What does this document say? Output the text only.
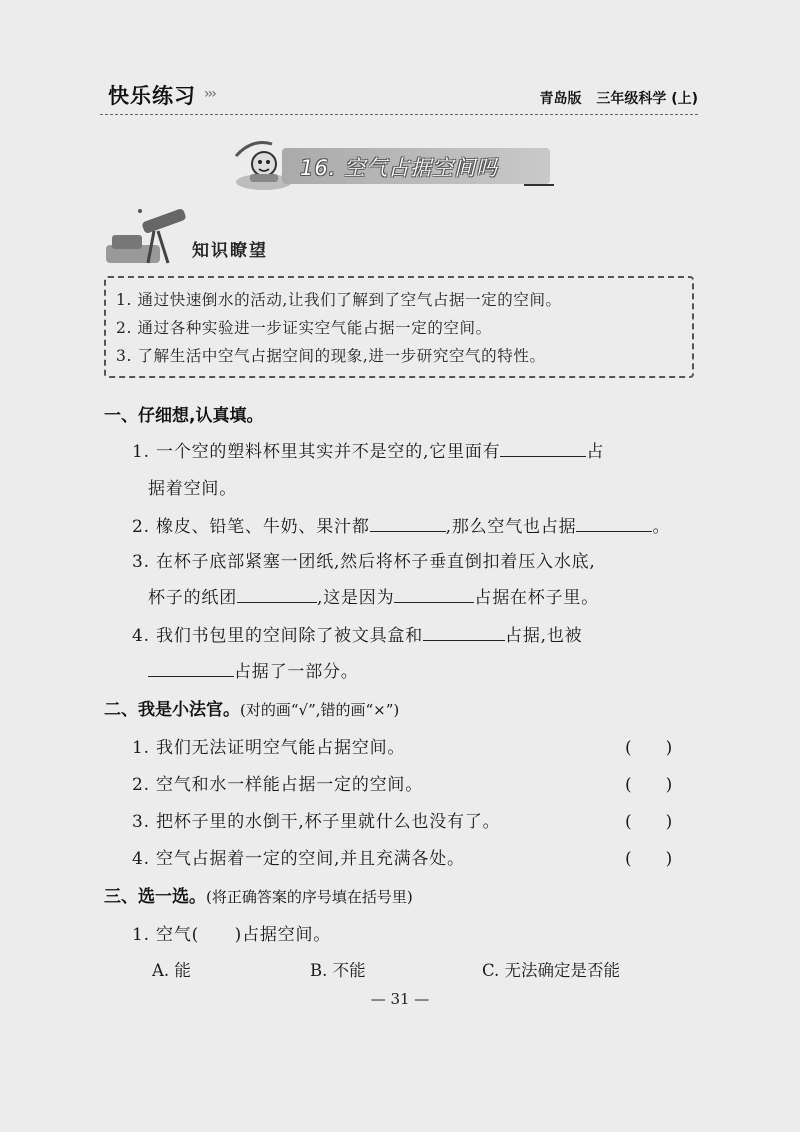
快乐练习 ›››	青岛版 三年级科学 (上)
16. 空气占据空间吗
知识瞭望
1. 通过快速倒水的活动,让我们了解到了空气占据一定的空间。
2. 通过各种实验进一步证实空气能占据一定的空间。
3. 了解生活中空气占据空间的现象,进一步研究空气的特性。
一、仔细想,认真填。
1. 一个空的塑料杯里其实并不是空的,它里面有	占
据着空间。
2. 橡皮、铅笔、牛奶、果汁都	,那么空气也占据	。
3. 在杯子底部紧塞一团纸,然后将杯子垂直倒扣着压入水底,
杯子的纸团	,这是因为	占据在杯子里。
4. 我们书包里的空间除了被文具盒和	占据,也被
占据了一部分。
二、我是小法官。(对的画“√”,错的画“×”)
1. 我们无法证明空气能占据空间。	(　　)
2. 空气和水一样能占据一定的空间。	(　　)
3. 把杯子里的水倒干,杯子里就什么也没有了。	(　　)
4. 空气占据着一定的空间,并且充满各处。	(　　)
三、选一选。(将正确答案的序号填在括号里)
1. 空气(　　)占据空间。
A. 能	B. 不能	C. 无法确定是否能
— 31 —
